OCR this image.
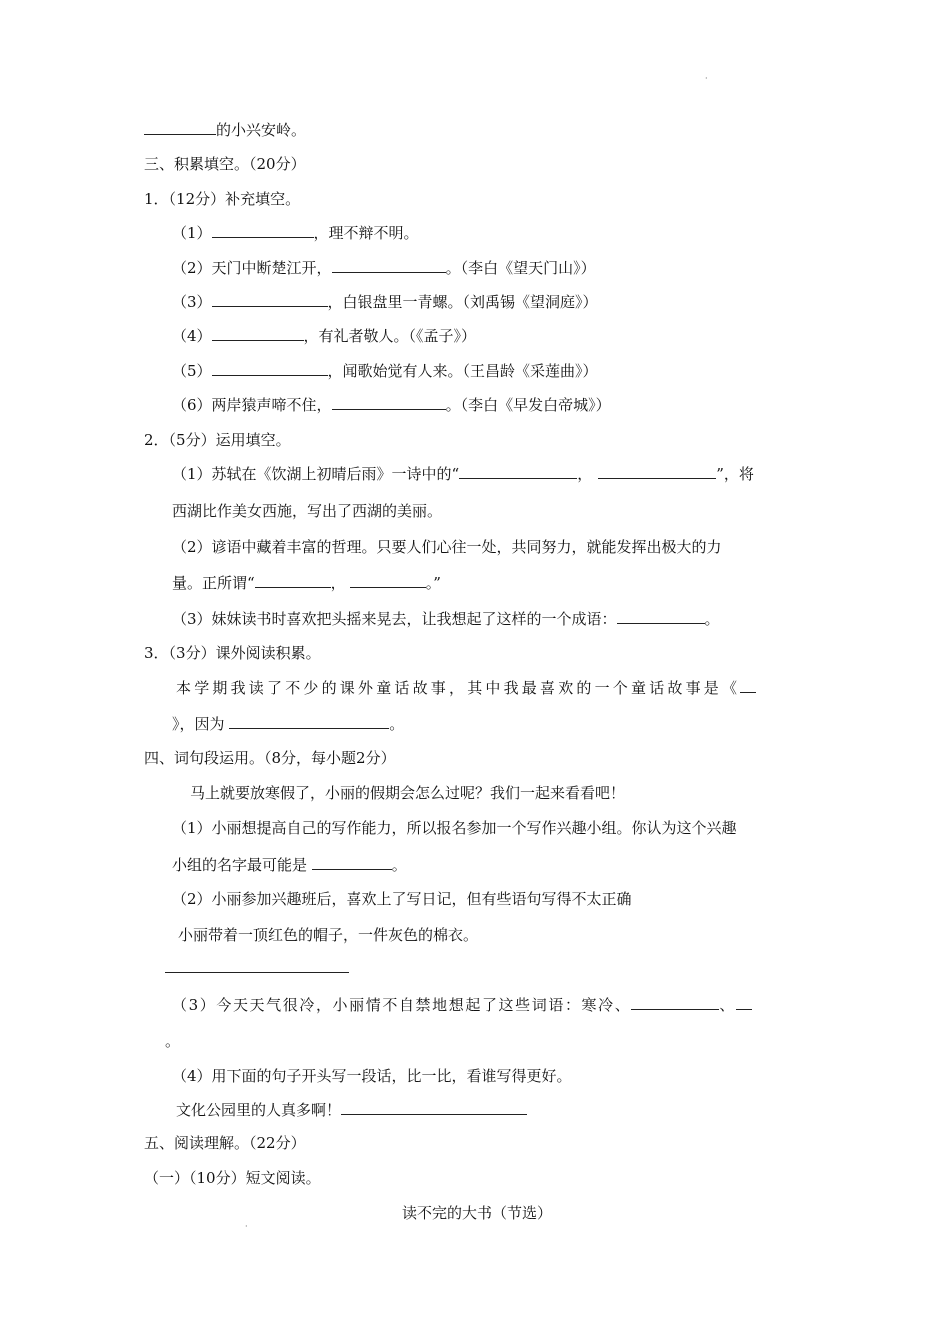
·
的小兴安岭。
三、积累填空。（20分）
1．（12分）补充填空。
（1）	，理不辩不明。
（2）天门中断楚江开，	。（李白《望天门山》）
（3）	，白银盘里一青螺。（刘禹锡《望洞庭》）
（4）	，有礼者敬人。（《孟子》）
（5）	，闻歌始觉有人来。（王昌龄《采莲曲》）
（6）两岸猿声啼不住，	。（李白《早发白帝城》）
2．（5分）运用填空。
（1）苏轼在《饮湖上初晴后雨》一诗中的“	，	”，将
西湖比作美女西施，写出了西湖的美丽。
（2）谚语中藏着丰富的哲理。只要人们心往一处，共同努力，就能发挥出极大的力
量。正所谓“	，	。”
（3）妹妹读书时喜欢把头摇来晃去，让我想起了这样的一个成语：	。
3．（3分）课外阅读积累。
本学期我读了不少的课外童话故事，其中我最喜欢的一个童话故事是《
》，因为	。
四、词句段运用。（8分，每小题2分）
马上就要放寒假了，小丽的假期会怎么过呢？我们一起来看看吧！
（1）小丽想提高自己的写作能力，所以报名参加一个写作兴趣小组。你认为这个兴趣
小组的名字最可能是	。
（2）小丽参加兴趣班后，喜欢上了写日记，但有些语句写得不太正确
小丽带着一顶红色的帽子，一件灰色的棉衣。
（3）今天天气很冷，小丽情不自禁地想起了这些词语：寒冷、	、
。
（4）用下面的句子开头写一段话，比一比，看谁写得更好。
文化公园里的人真多啊！
五、阅读理解。（22分）
（一）（10分）短文阅读。
读不完的大书（节选）
·
